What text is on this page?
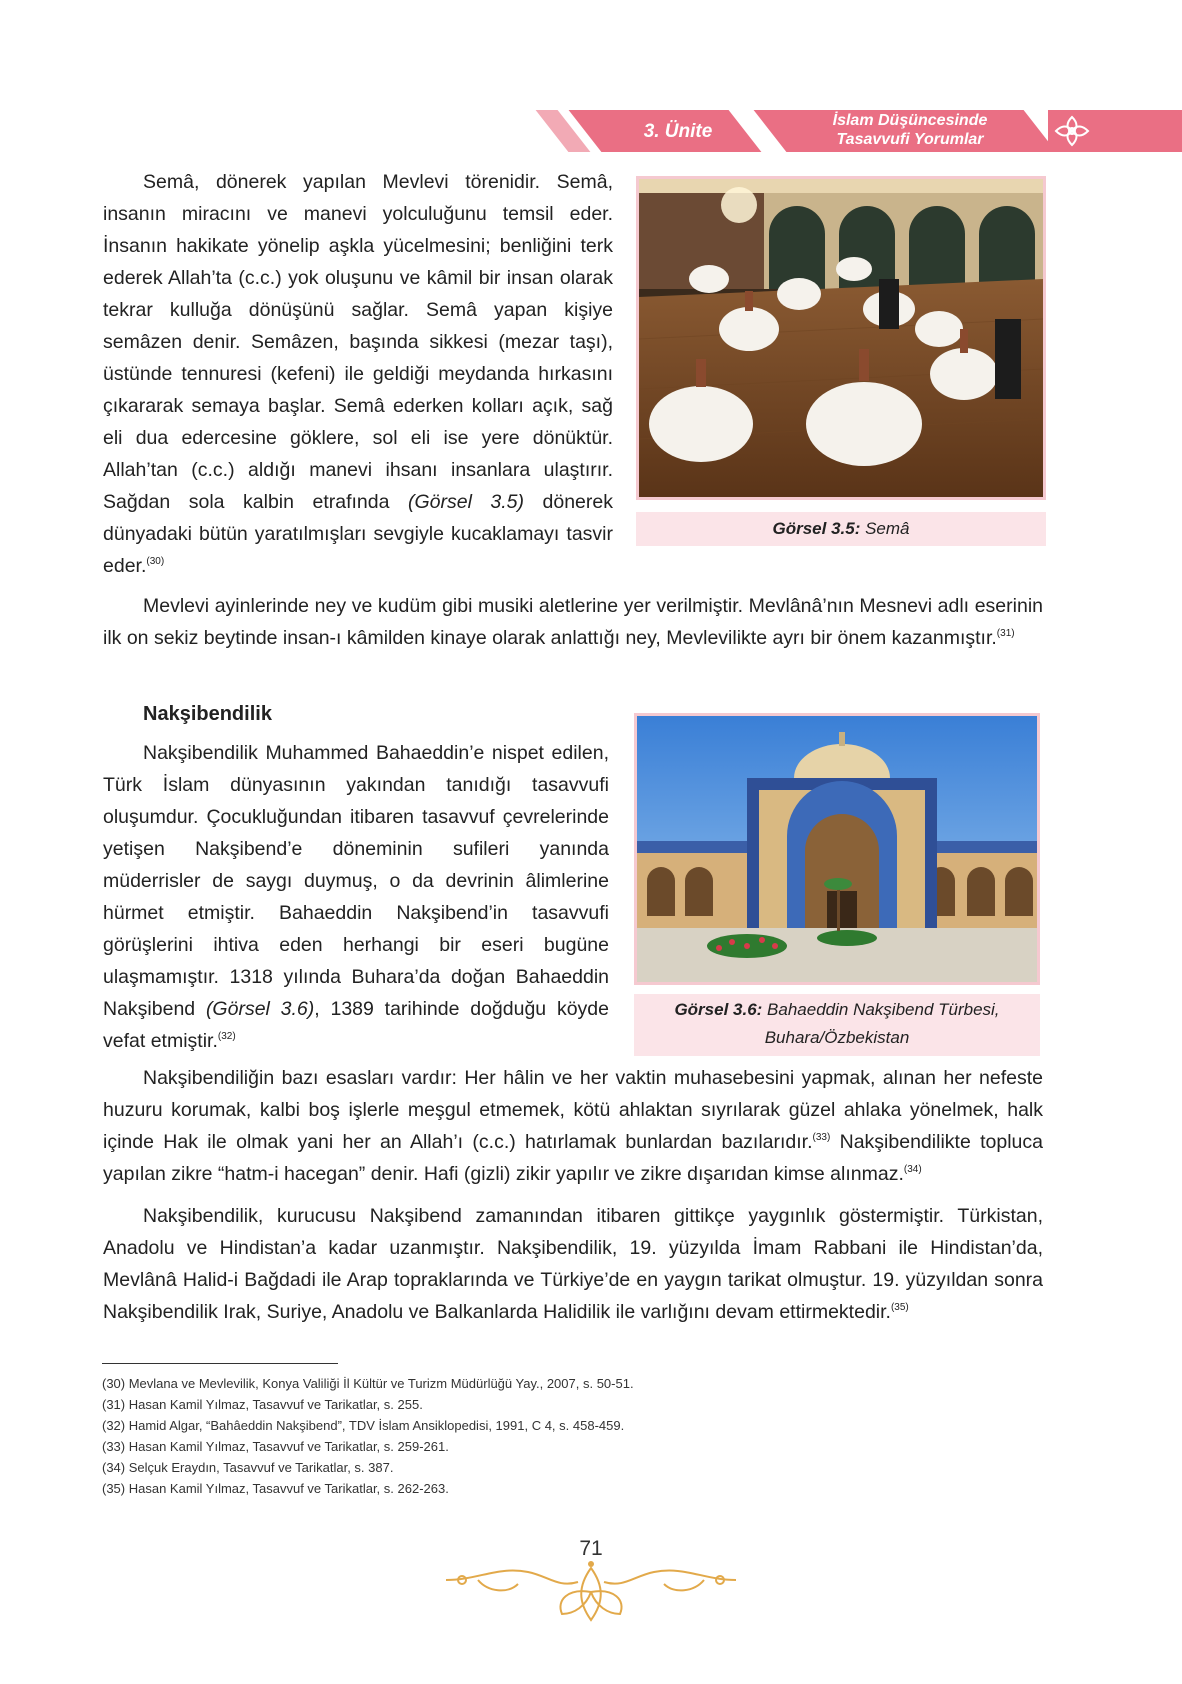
3. Ünite
İslam Düşüncesinde
Tasavvufi Yorumlar

Semâ, dönerek yapılan Mevlevi törenidir. Semâ, insanın miracını ve manevi yolculuğunu temsil eder. İnsanın hakikate yönelip aşkla yücelmesini; benliğini terk ederek Allah’ta (c.c.) yok oluşunu ve kâmil bir insan olarak tekrar kulluğa dönüşünü sağlar. Semâ yapan kişiye semâzen denir. Semâzen, başında sikkesi (mezar taşı), üstünde tennuresi (kefeni) ile geldiği meydanda hırkasını çıkararak semaya başlar. Semâ ederken kolları açık, sağ eli dua edercesine göklere, sol eli ise yere dönüktür. Allah’tan (c.c.) aldığı manevi ihsanı insanlara ulaştırır. Sağdan sola kalbin etrafında (Görsel 3.5) dönerek dünyadaki bütün yaratılmışları sevgiyle kucaklamayı tasvir eder.$^{(30)}$

Görsel 3.5: Semâ

Mevlevi ayinlerinde ney ve kudüm gibi musiki aletlerine yer verilmiştir. Mevlânâ’nın Mesnevi adlı eserinin ilk on sekiz beytinde insan-ı kâmilden kinaye olarak anlattığı ney, Mevlevilikte ayrı bir önem kazanmıştır.$^{(31)}$

Nakşibendilik

Nakşibendilik Muhammed Bahaeddin’e nispet edilen, Türk İslam dünyasının yakından tanıdığı tasavvufi oluşumdur. Çocukluğundan itibaren tasavvuf çevrelerinde yetişen Nakşibend’e döneminin sufileri yanında müderrisler de saygı duymuş, o da devrinin âlimlerine hürmet etmiştir. Bahaeddin Nakşibend’in tasavvufi görüşlerini ihtiva eden herhangi bir eseri bugüne ulaşmamıştır. 1318 yılında Buhara’da doğan Bahaeddin Nakşibend (Görsel 3.6), 1389 tarihinde doğduğu köyde vefat etmiştir.$^{(32)}$

Görsel 3.6: Bahaeddin Nakşibend Türbesi,
Buhara/Özbekistan

Nakşibendiliğin bazı esasları vardır: Her hâlin ve her vaktin muhasebesini yapmak, alınan her nefeste huzuru korumak, kalbi boş işlerle meşgul etmemek, kötü ahlaktan sıyrılarak güzel ahlaka yönelmek, halk içinde Hak ile olmak yani her an Allah’ı (c.c.) hatırlamak bunlardan bazılarıdır.$^{(33)}$ Nakşibendilikte topluca yapılan zikre “hatm-i hacegan” denir. Hafi (gizli) zikir yapılır ve zikre dışarıdan kimse alınmaz.$^{(34)}$

Nakşibendilik, kurucusu Nakşibend zamanından itibaren gittikçe yaygınlık göstermiştir. Türkistan, Anadolu ve Hindistan’a kadar uzanmıştır. Nakşibendilik, 19. yüzyılda İmam Rabbani ile Hindistan’da, Mevlânâ Halid-i Bağdadi ile Arap topraklarında ve Türkiye’de en yaygın tarikat olmuştur. 19. yüzyıldan sonra Nakşibendilik Irak, Suriye, Anadolu ve Balkanlarda Halidilik ile varlığını devam ettirmektedir.$^{(35)}$

(30) Mevlana ve Mevlevilik, Konya Valiliği İl Kültür ve Turizm Müdürlüğü Yay., 2007, s. 50-51.
(31) Hasan Kamil Yılmaz, Tasavvuf ve Tarikatlar, s. 255.
(32) Hamid Algar, “Bahâeddin Nakşibend”, TDV İslam Ansiklopedisi, 1991, C 4, s. 458-459.
(33) Hasan Kamil Yılmaz, Tasavvuf ve Tarikatlar, s. 259-261.
(34) Selçuk Eraydın, Tasavvuf ve Tarikatlar, s. 387.
(35) Hasan Kamil Yılmaz, Tasavvuf ve Tarikatlar, s. 262-263.
71
